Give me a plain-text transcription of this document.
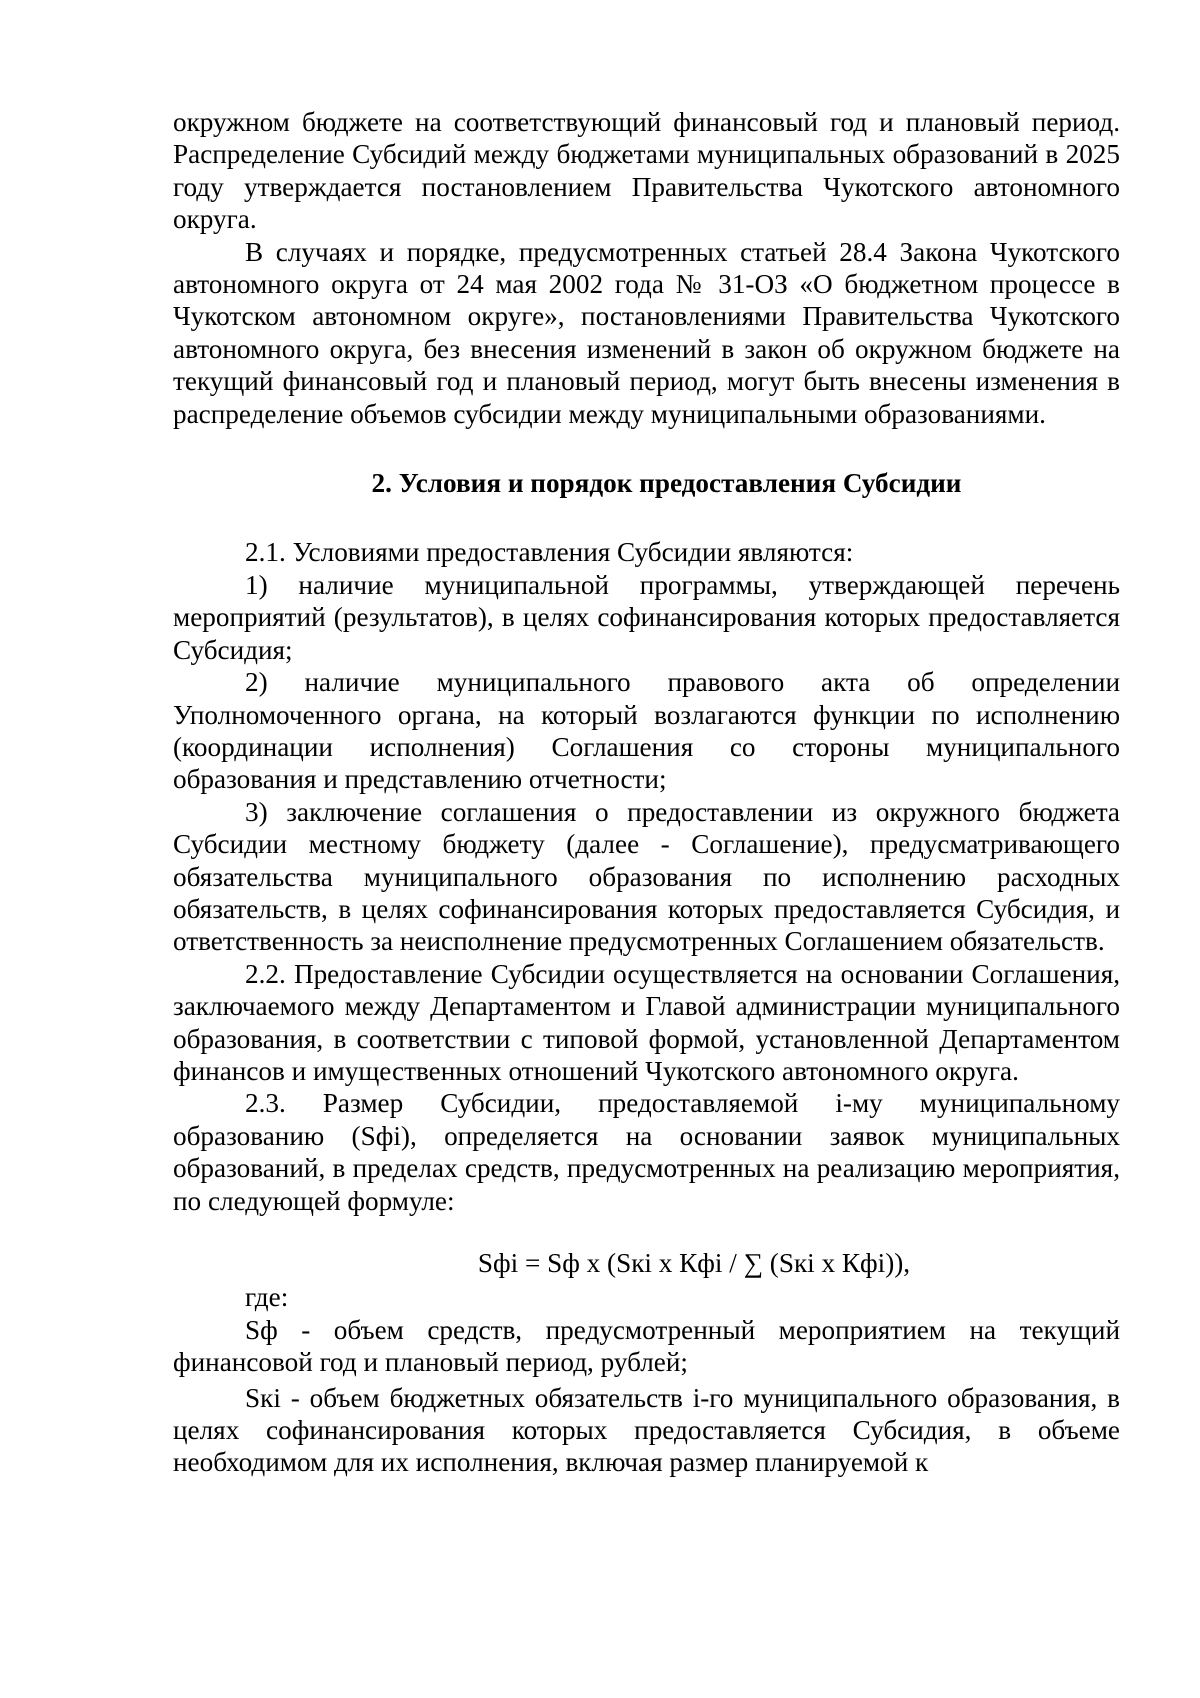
окружном бюджете на соответствующий финансовый год и плановый период. Распределение Субсидий между бюджетами муниципальных образований в 2025 году утверждается постановлением Правительства Чукотского автономного округа.

В случаях и порядке, предусмотренных статьей 28.4 Закона Чукотского автономного округа от 24 мая 2002 года № 31-ОЗ «О бюджетном процессе в Чукотском автономном округе», постановлениями Правительства Чукотского автономного округа, без внесения изменений в закон об окружном бюджете на текущий финансовый год и плановый период, могут быть внесены изменения в распределение объемов субсидии между муниципальными образованиями.

2. Условия и порядок предоставления Субсидии

2.1. Условиями предоставления Субсидии являются:

1) наличие муниципальной программы, утверждающей перечень мероприятий (результатов), в целях софинансирования которых предоставляется Субсидия;

2) наличие муниципального правового акта об определении Уполномоченного органа, на который возлагаются функции по исполнению (координации исполнения) Соглашения со стороны муниципального образования и представлению отчетности;

3) заключение соглашения о предоставлении из окружного бюджета Субсидии местному бюджету (далее - Соглашение), предусматривающего обязательства муниципального образования по исполнению расходных обязательств, в целях софинансирования которых предоставляется Субсидия, и ответственность за неисполнение предусмотренных Соглашением обязательств.

2.2. Предоставление Субсидии осуществляется на основании Соглашения, заключаемого между Департаментом и Главой администрации муниципального образования, в соответствии с типовой формой, установленной Департаментом финансов и имущественных отношений Чукотского автономного округа.

2.3. Размер Субсидии, предоставляемой i-му муниципальному образованию (Sфi), определяется на основании заявок муниципальных образований, в пределах средств, предусмотренных на реализацию мероприятия, по следующей формуле:

Sфi = Sф x (Sкi x Кфi / ∑ (Sкi x Кфi)),

где:

Sф - объем средств, предусмотренный мероприятием на текущий финансовой год и плановый период, рублей;

Sкi - объем бюджетных обязательств i-го муниципального образования, в целях софинансирования которых предоставляется Субсидия, в объеме необходимом для их исполнения, включая размер планируемой к
